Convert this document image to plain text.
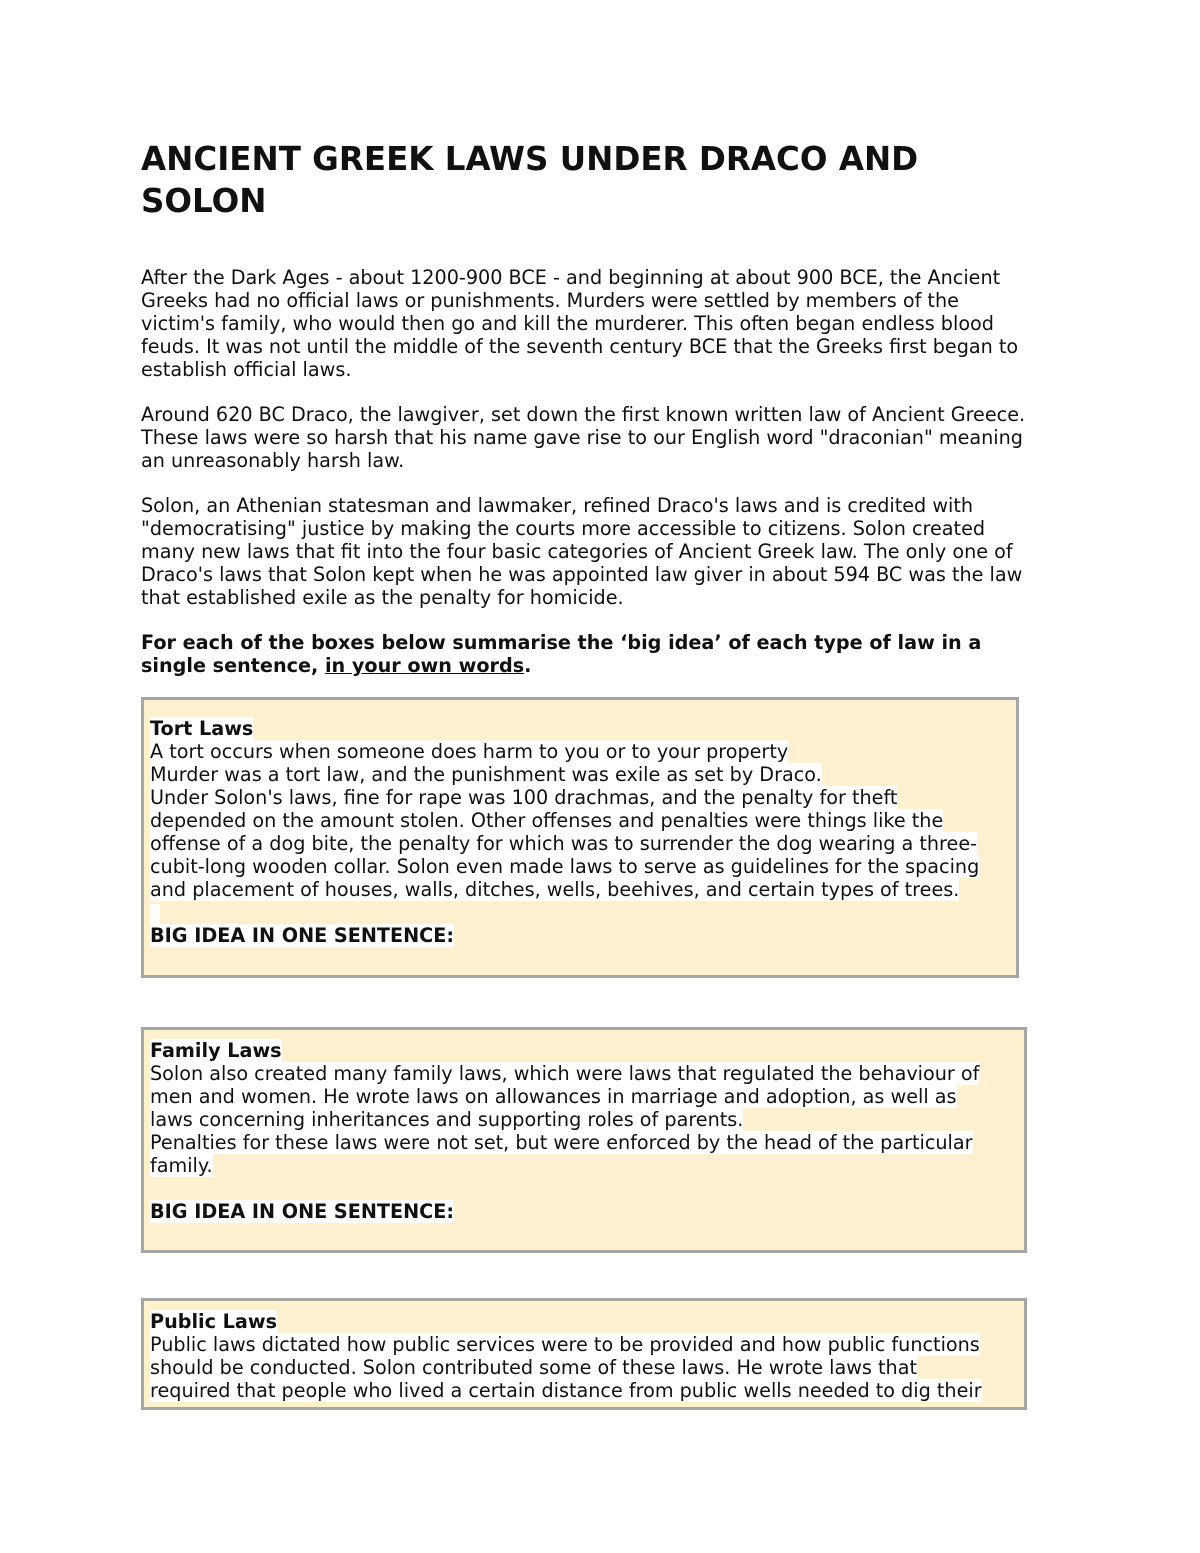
ANCIENT GREEK LAWS UNDER DRACO AND SOLON

After the Dark Ages - about 1200-900 BCE - and beginning at about 900 BCE, the Ancient
Greeks had no official laws or punishments. Murders were settled by members of the
victim's family, who would then go and kill the murderer. This often began endless blood
feuds. It was not until the middle of the seventh century BCE that the Greeks first began to
establish official laws.

Around 620 BC Draco, the lawgiver, set down the first known written law of Ancient Greece.
These laws were so harsh that his name gave rise to our English word "draconian" meaning
an unreasonably harsh law.

Solon, an Athenian statesman and lawmaker, refined Draco's laws and is credited with
"democratising" justice by making the courts more accessible to citizens. Solon created
many new laws that fit into the four basic categories of Ancient Greek law. The only one of
Draco's laws that Solon kept when he was appointed law giver in about 594 BC was the law
that established exile as the penalty for homicide.

For each of the boxes below summarise the ‘big idea’ of each type of law in a
single sentence, in your own words.

Tort Laws
A tort occurs when someone does harm to you or to your property
Murder was a tort law, and the punishment was exile as set by Draco.
Under Solon's laws, fine for rape was 100 drachmas, and the penalty for theft
depended on the amount stolen. Other offenses and penalties were things like the
offense of a dog bite, the penalty for which was to surrender the dog wearing a three-
cubit-long wooden collar. Solon even made laws to serve as guidelines for the spacing
and placement of houses, walls, ditches, wells, beehives, and certain types of trees.
BIG IDEA IN ONE SENTENCE:
Family Laws
Solon also created many family laws, which were laws that regulated the behaviour of
men and women. He wrote laws on allowances in marriage and adoption, as well as
laws concerning inheritances and supporting roles of parents.
Penalties for these laws were not set, but were enforced by the head of the particular
family.
BIG IDEA IN ONE SENTENCE:
Public Laws
Public laws dictated how public services were to be provided and how public functions
should be conducted. Solon contributed some of these laws. He wrote laws that
required that people who lived a certain distance from public wells needed to dig their
